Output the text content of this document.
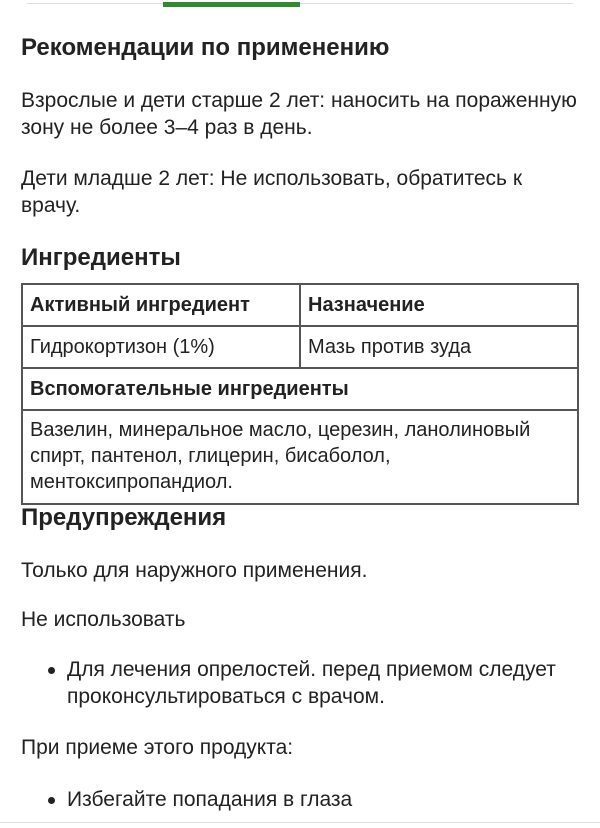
Рекомендации по применению

Взрослые и дети старше 2 лет: наносить на пораженную зону не более 3–4 раз в день.

Дети младше 2 лет: Не использовать, обратитесь к врачу.

Ингредиенты
Активный ингредиент	Назначение
Гидрокортизон (1%)	Мазь против зуда
Вспомогательные ингредиенты	
Вазелин, минеральное масло, церезин, ланолиновый спирт, пантенол, глицерин, бисаболол, ментоксипропандиол.	
Предупреждения

Только для наружного применения.

Не использовать

Для лечения опрелостей. перед приемом следует проконсультироваться с врачом.

При приеме этого продукта:

Избегайте попадания в глаза
